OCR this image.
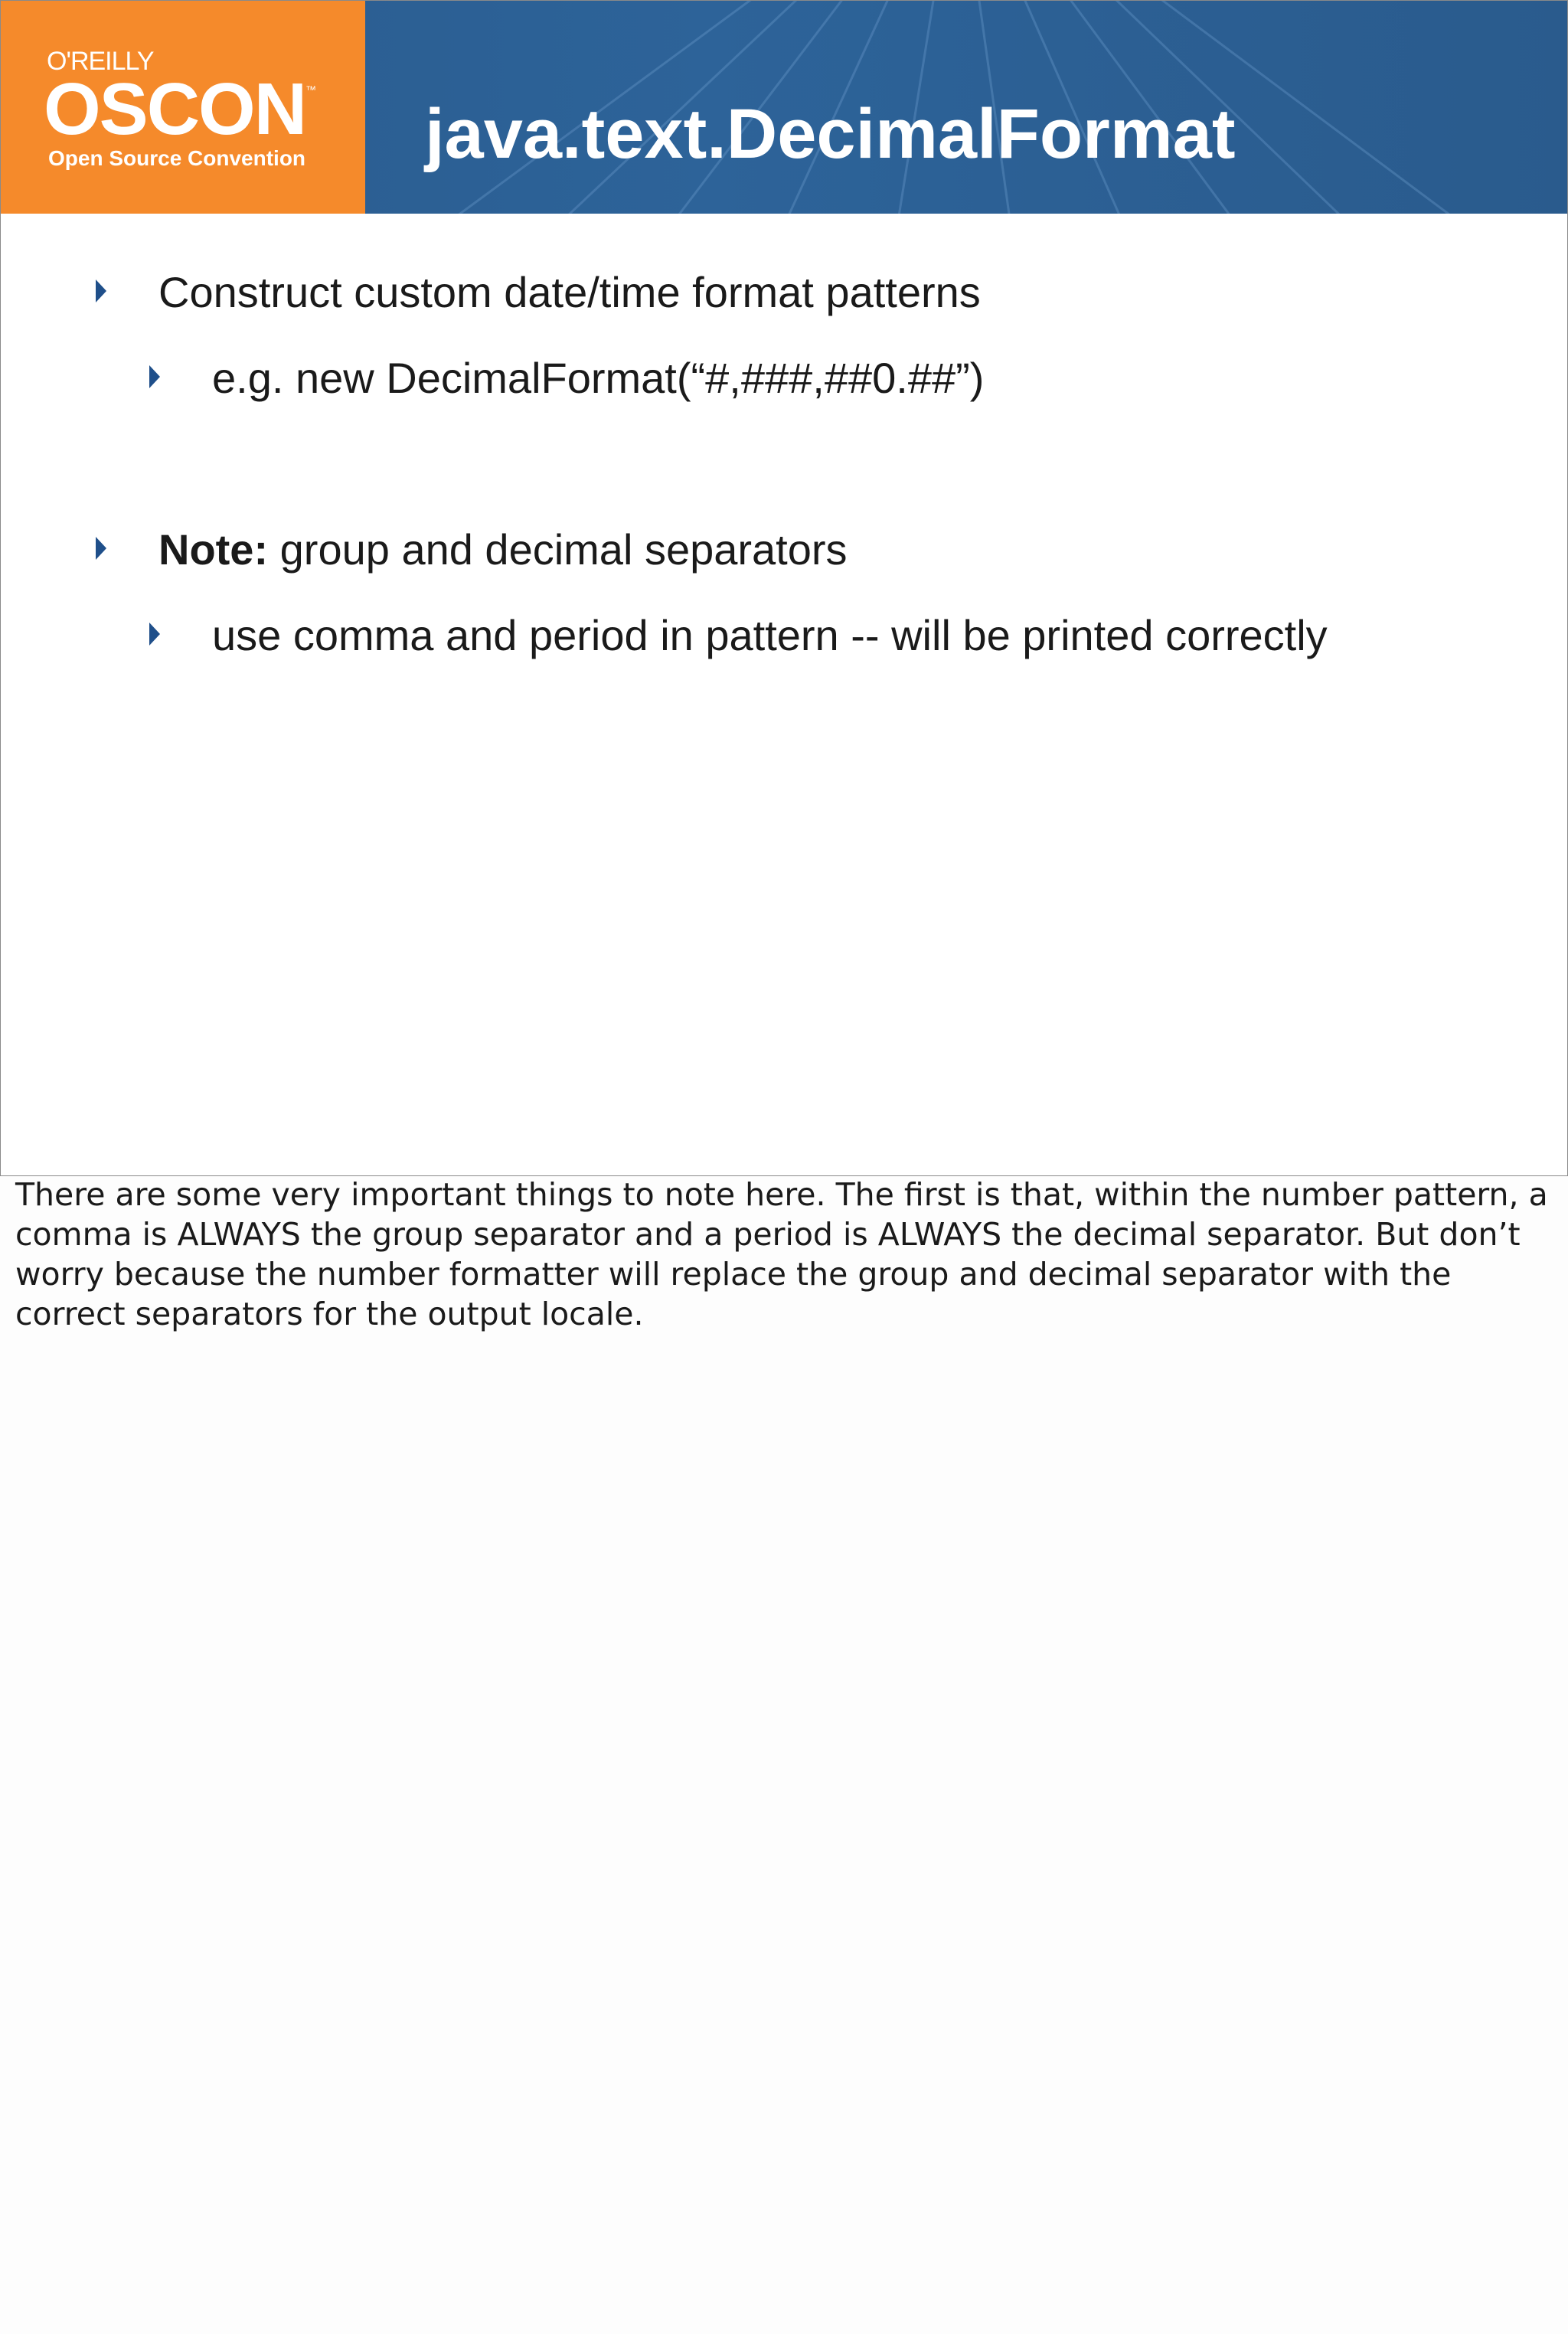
O'REILLY
OSCON ™
Open Source Convention java.text.DecimalFormat
Construct custom date/time format patterns
e.g. new DecimalFormat(“#,###,##0.##”)
Note: group and decimal separators
use comma and period in pattern -- will be printed correctly

There are some very important things to note here. The first is that, within the number pattern, a comma is ALWAYS the group separator and a period is ALWAYS the decimal separator. But don’t worry because the number formatter will replace the group and decimal separator with the correct separators for the output locale.
